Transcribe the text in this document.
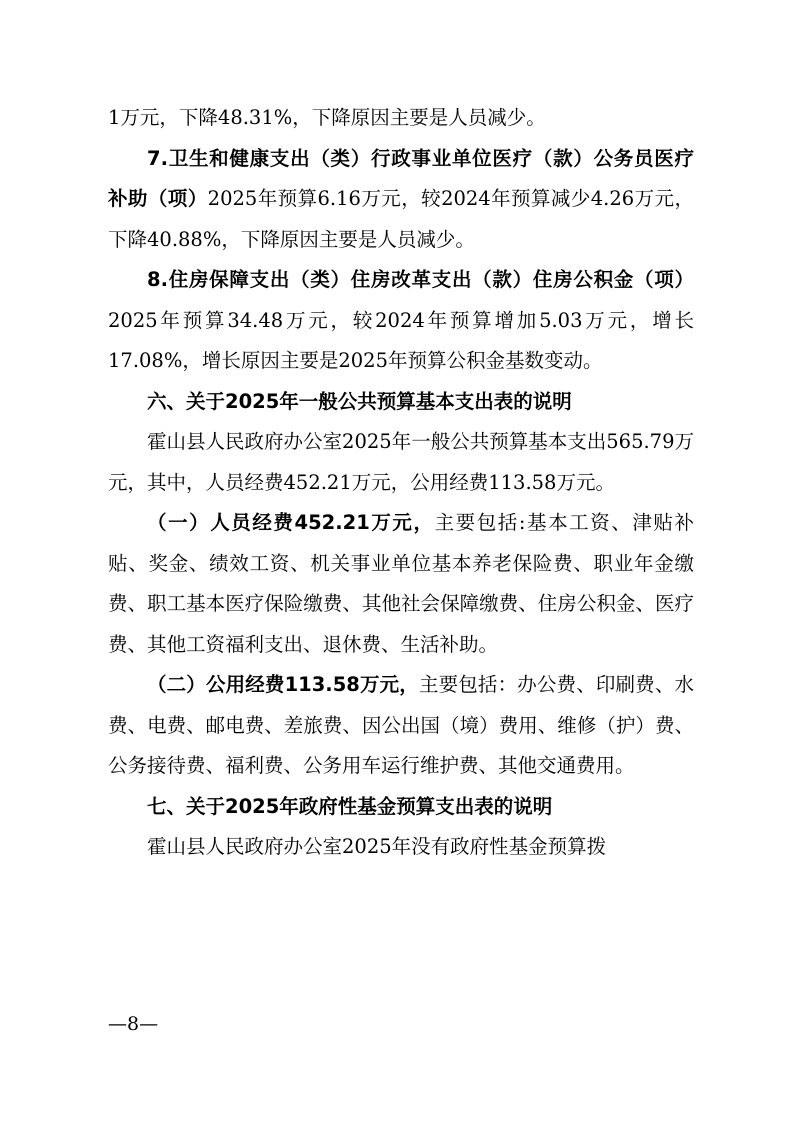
1万元，下降48.31%，下降原因主要是人员减少。

7.卫生和健康支出（类）行政事业单位医疗（款）公务员医疗补助（项）2025年预算6.16万元，较2024年预算减少4.26万元，下降40.88%，下降原因主要是人员减少。

8.住房保障支出（类）住房改革支出（款）住房公积金（项）2025年预算34.48万元，较2024年预算增加5.03万元，增长17.08%，增长原因主要是2025年预算公积金基数变动。

六、关于2025年一般公共预算基本支出表的说明

霍山县人民政府办公室2025年一般公共预算基本支出565.79万元，其中，人员经费452.21万元，公用经费113.58万元。

（一）人员经费452.21万元，主要包括:基本工资、津贴补贴、奖金、绩效工资、机关事业单位基本养老保险费、职业年金缴费、职工基本医疗保险缴费、其他社会保障缴费、住房公积金、医疗费、其他工资福利支出、退休费、生活补助。

（二）公用经费113.58万元，主要包括：办公费、印刷费、水费、电费、邮电费、差旅费、因公出国（境）费用、维修（护）费、公务接待费、福利费、公务用车运行维护费、其他交通费用。

七、关于2025年政府性基金预算支出表的说明

霍山县人民政府办公室2025年没有政府性基金预算拨

—8—
